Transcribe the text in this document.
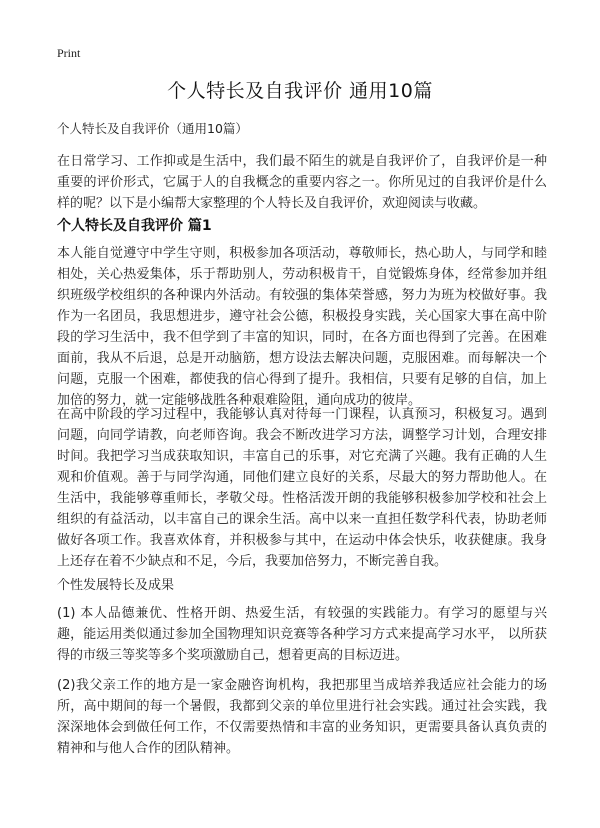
Print
个人特长及自我评价 通用10篇
个人特长及自我评价（通用10篇）

在日常学习、工作抑或是生活中，我们最不陌生的就是自我评价了，自我评价是一种重要的评价形式，它属于人的自我概念的重要内容之一。你所见过的自我评价是什么样的呢？以下是小编帮大家整理的个人特长及自我评价，欢迎阅读与收藏。

个人特长及自我评价 篇1

本人能自觉遵守中学生守则，积极参加各项活动，尊敬师长，热心助人，与同学和睦相处，关心热爱集体，乐于帮助别人，劳动积极肯干，自觉锻炼身体，经常参加并组织班级学校组织的各种课内外活动。有较强的集体荣誉感，努力为班为校做好事。我作为一名团员，我思想进步，遵守社会公德，积极投身实践，关心国家大事在高中阶段的学习生活中，我不但学到了丰富的知识，同时，在各方面也得到了完善。在困难面前，我从不后退，总是开动脑筋，想方设法去解决问题，克服困难。而每解决一个问题，克服一个困难，都使我的信心得到了提升。我相信，只要有足够的自信，加上加倍的努力，就一定能够战胜各种艰难险阻，通向成功的彼岸。

在高中阶段的学习过程中，我能够认真对待每一门课程，认真预习，积极复习。遇到问题，向同学请教，向老师咨询。我会不断改进学习方法，调整学习计划，合理安排时间。我把学习当成获取知识，丰富自己的乐事，对它充满了兴趣。我有正确的人生观和价值观。善于与同学沟通，同他们建立良好的关系，尽最大的努力帮助他人。在生活中，我能够尊重师长，孝敬父母。性格活泼开朗的我能够积极参加学校和社会上组织的有益活动，以丰富自己的课余生活。高中以来一直担任数学科代表，协助老师做好各项工作。我喜欢体育，并积极参与其中，在运动中体会快乐，收获健康。我身上还存在着不少缺点和不足，今后，我要加倍努力，不断完善自我。

个性发展特长及成果

(1) 本人品德兼优、性格开朗、热爱生活，有较强的实践能力。有学习的愿望与兴趣，能运用类似通过参加全国物理知识竞赛等各种学习方式来提高学习水平， 以所获得的市级三等奖等多个奖项激励自己，想着更高的目标迈进。

(2)我父亲工作的地方是一家金融咨询机构，我把那里当成培养我适应社会能力的场所，高中期间的每一个暑假，我都到父亲的单位里进行社会实践。通过社会实践，我深深地体会到做任何工作，不仅需要热情和丰富的业务知识，更需要具备认真负责的精神和与他人合作的团队精神。
